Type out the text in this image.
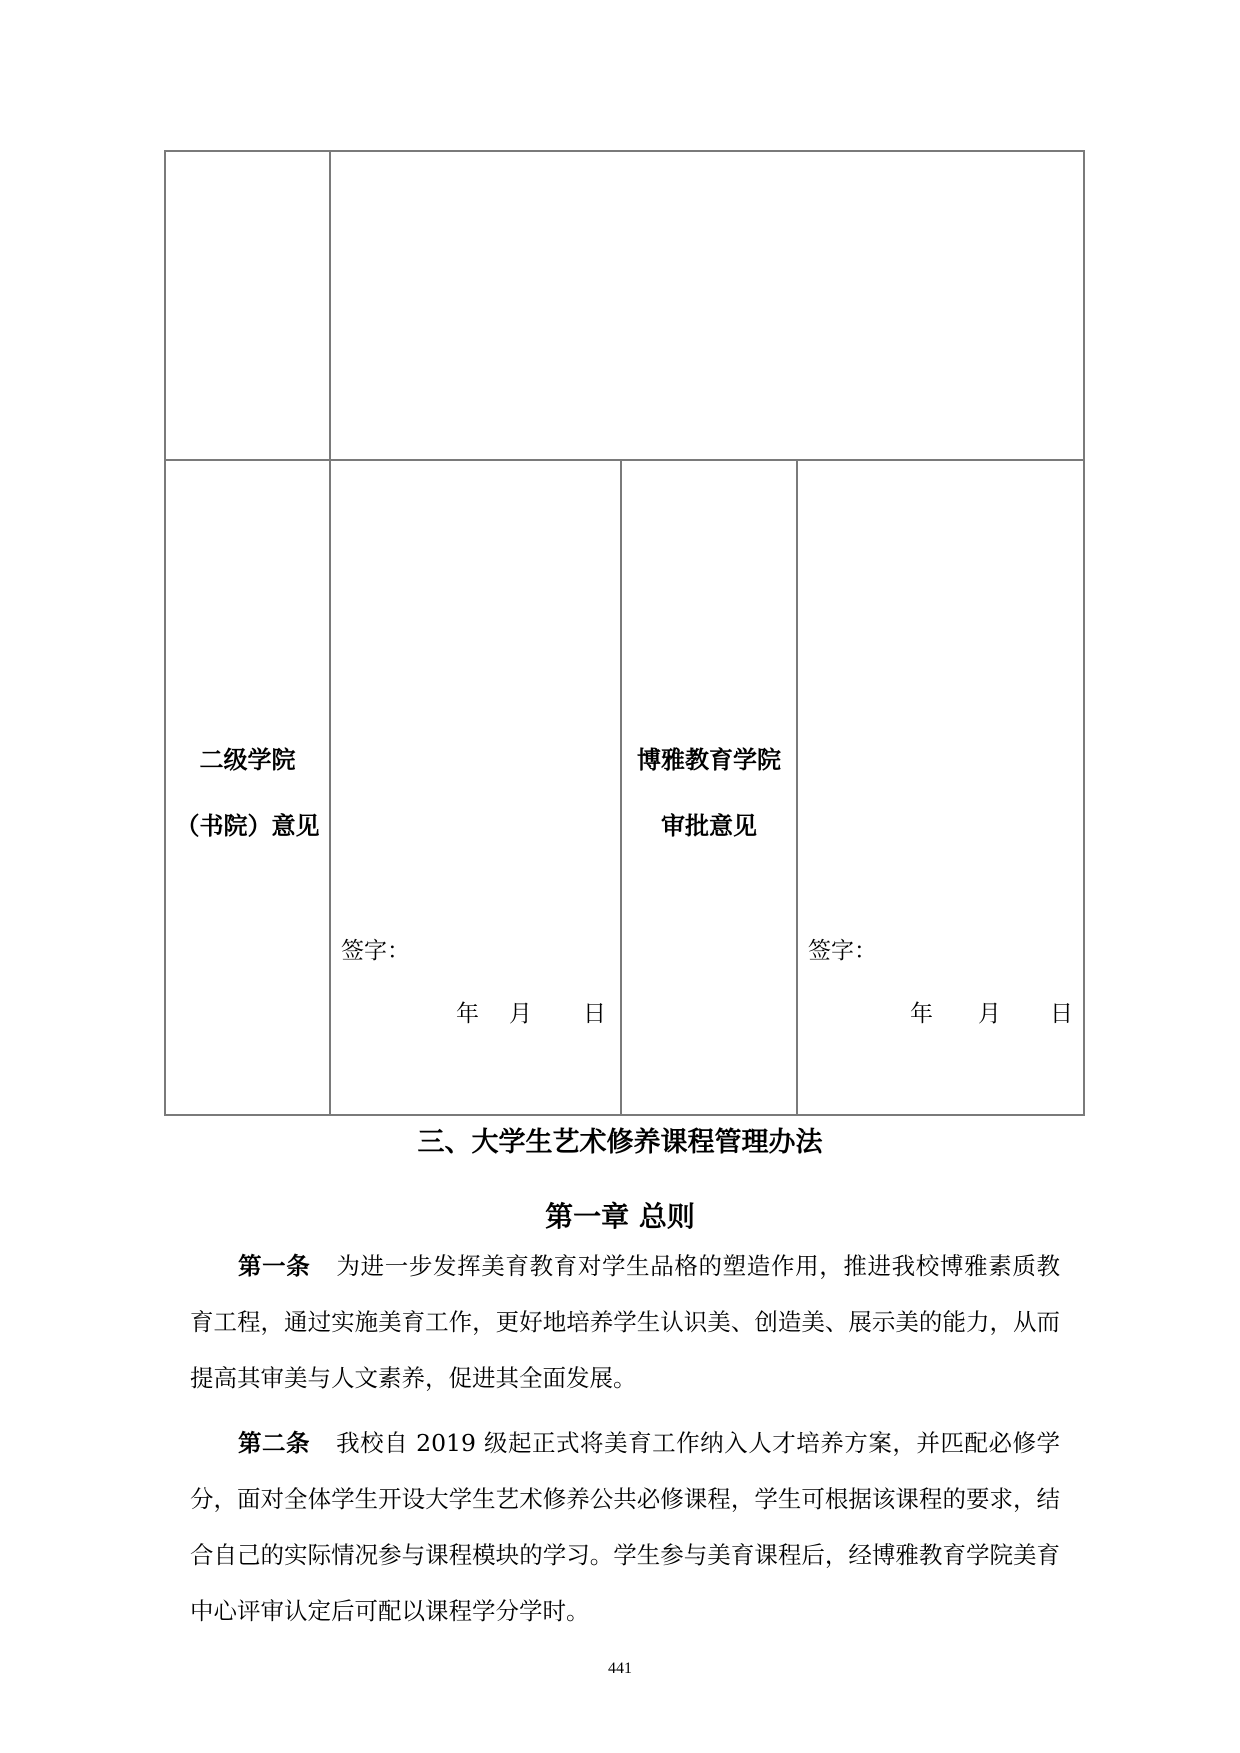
二级学院
（书院）意见
签字：
年 月 日
博雅教育学院
审批意见
签字：
年 月 日
三、大学生艺术修养课程管理办法
第一章 总则

第一条 为进一步发挥美育教育对学生品格的塑造作用，推进我校博雅素质教育工程，通过实施美育工作，更好地培养学生认识美、创造美、展示美的能力，从而提高其审美与人文素养，促进其全面发展。

第二条 我校自 2019 级起正式将美育工作纳入人才培养方案，并匹配必修学分，面对全体学生开设大学生艺术修养公共必修课程，学生可根据该课程的要求，结合自己的实际情况参与课程模块的学习。学生参与美育课程后，经博雅教育学院美育中心评审认定后可配以课程学分学时。

441
